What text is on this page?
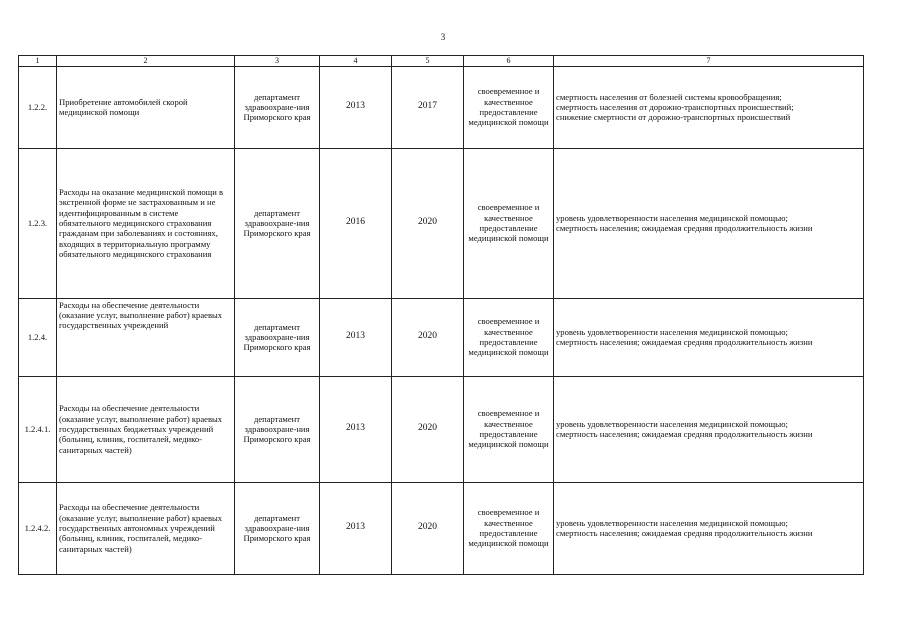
3
1	2	3	4	5	6	7
1.2.2.	Приобретение автомобилей скорой медицинской помощи	департамент здравоохране-ния Приморского края	2013	2017	своевременное и качественное предоставление медицинской помощи	смертность населения от болезней системы кровообращения;
смертность населения от дорожно-транспортных происшествий;
снижение смертности от дорожно-транспортных происшествий

1.2.3.	Расходы на оказание медицинской помощи в экстренной форме не застрахованным и не идентифицированным в системе обязательного медицинского страхования гражданам при заболеваниях и состояниях, входящих в территориальную программу обязательного медицинского страхования	департамент здравоохране-ния Приморского края	2016	2020	своевременное и качественное предоставление медицинской помощи	уровень удовлетворенности населения медицинской помощью;
смертность населения; ожидаемая средняя продолжительность жизни

1.2.4.	Расходы на обеспечение деятельности (оказание услуг, выполнение работ) краевых государственных учреждений	департамент здравоохране-ния Приморского края	2013	2020	своевременное и качественное предоставление медицинской помощи	уровень удовлетворенности населения медицинской помощью;
смертность населения; ожидаемая средняя продолжительность жизни

1.2.4.1.	Расходы на обеспечение деятельности (оказание услуг, выполнение работ) краевых государственных бюджетных учреждений (больниц, клиник, госпиталей, медико-санитарных частей)	департамент здравоохране-ния Приморского края	2013	2020	своевременное и качественное предоставление медицинской помощи	уровень удовлетворенности населения медицинской помощью;
смертность населения; ожидаемая средняя продолжительность жизни

1.2.4.2.	Расходы на обеспечение деятельности (оказание услуг, выполнение работ) краевых государственных автономных учреждений (больниц, клиник, госпиталей, медико-санитарных частей)	департамент здравоохране-ния Приморского края	2013	2020	своевременное и качественное предоставление медицинской помощи	уровень удовлетворенности населения медицинской помощью;
смертность населения; ожидаемая средняя продолжительность жизни
